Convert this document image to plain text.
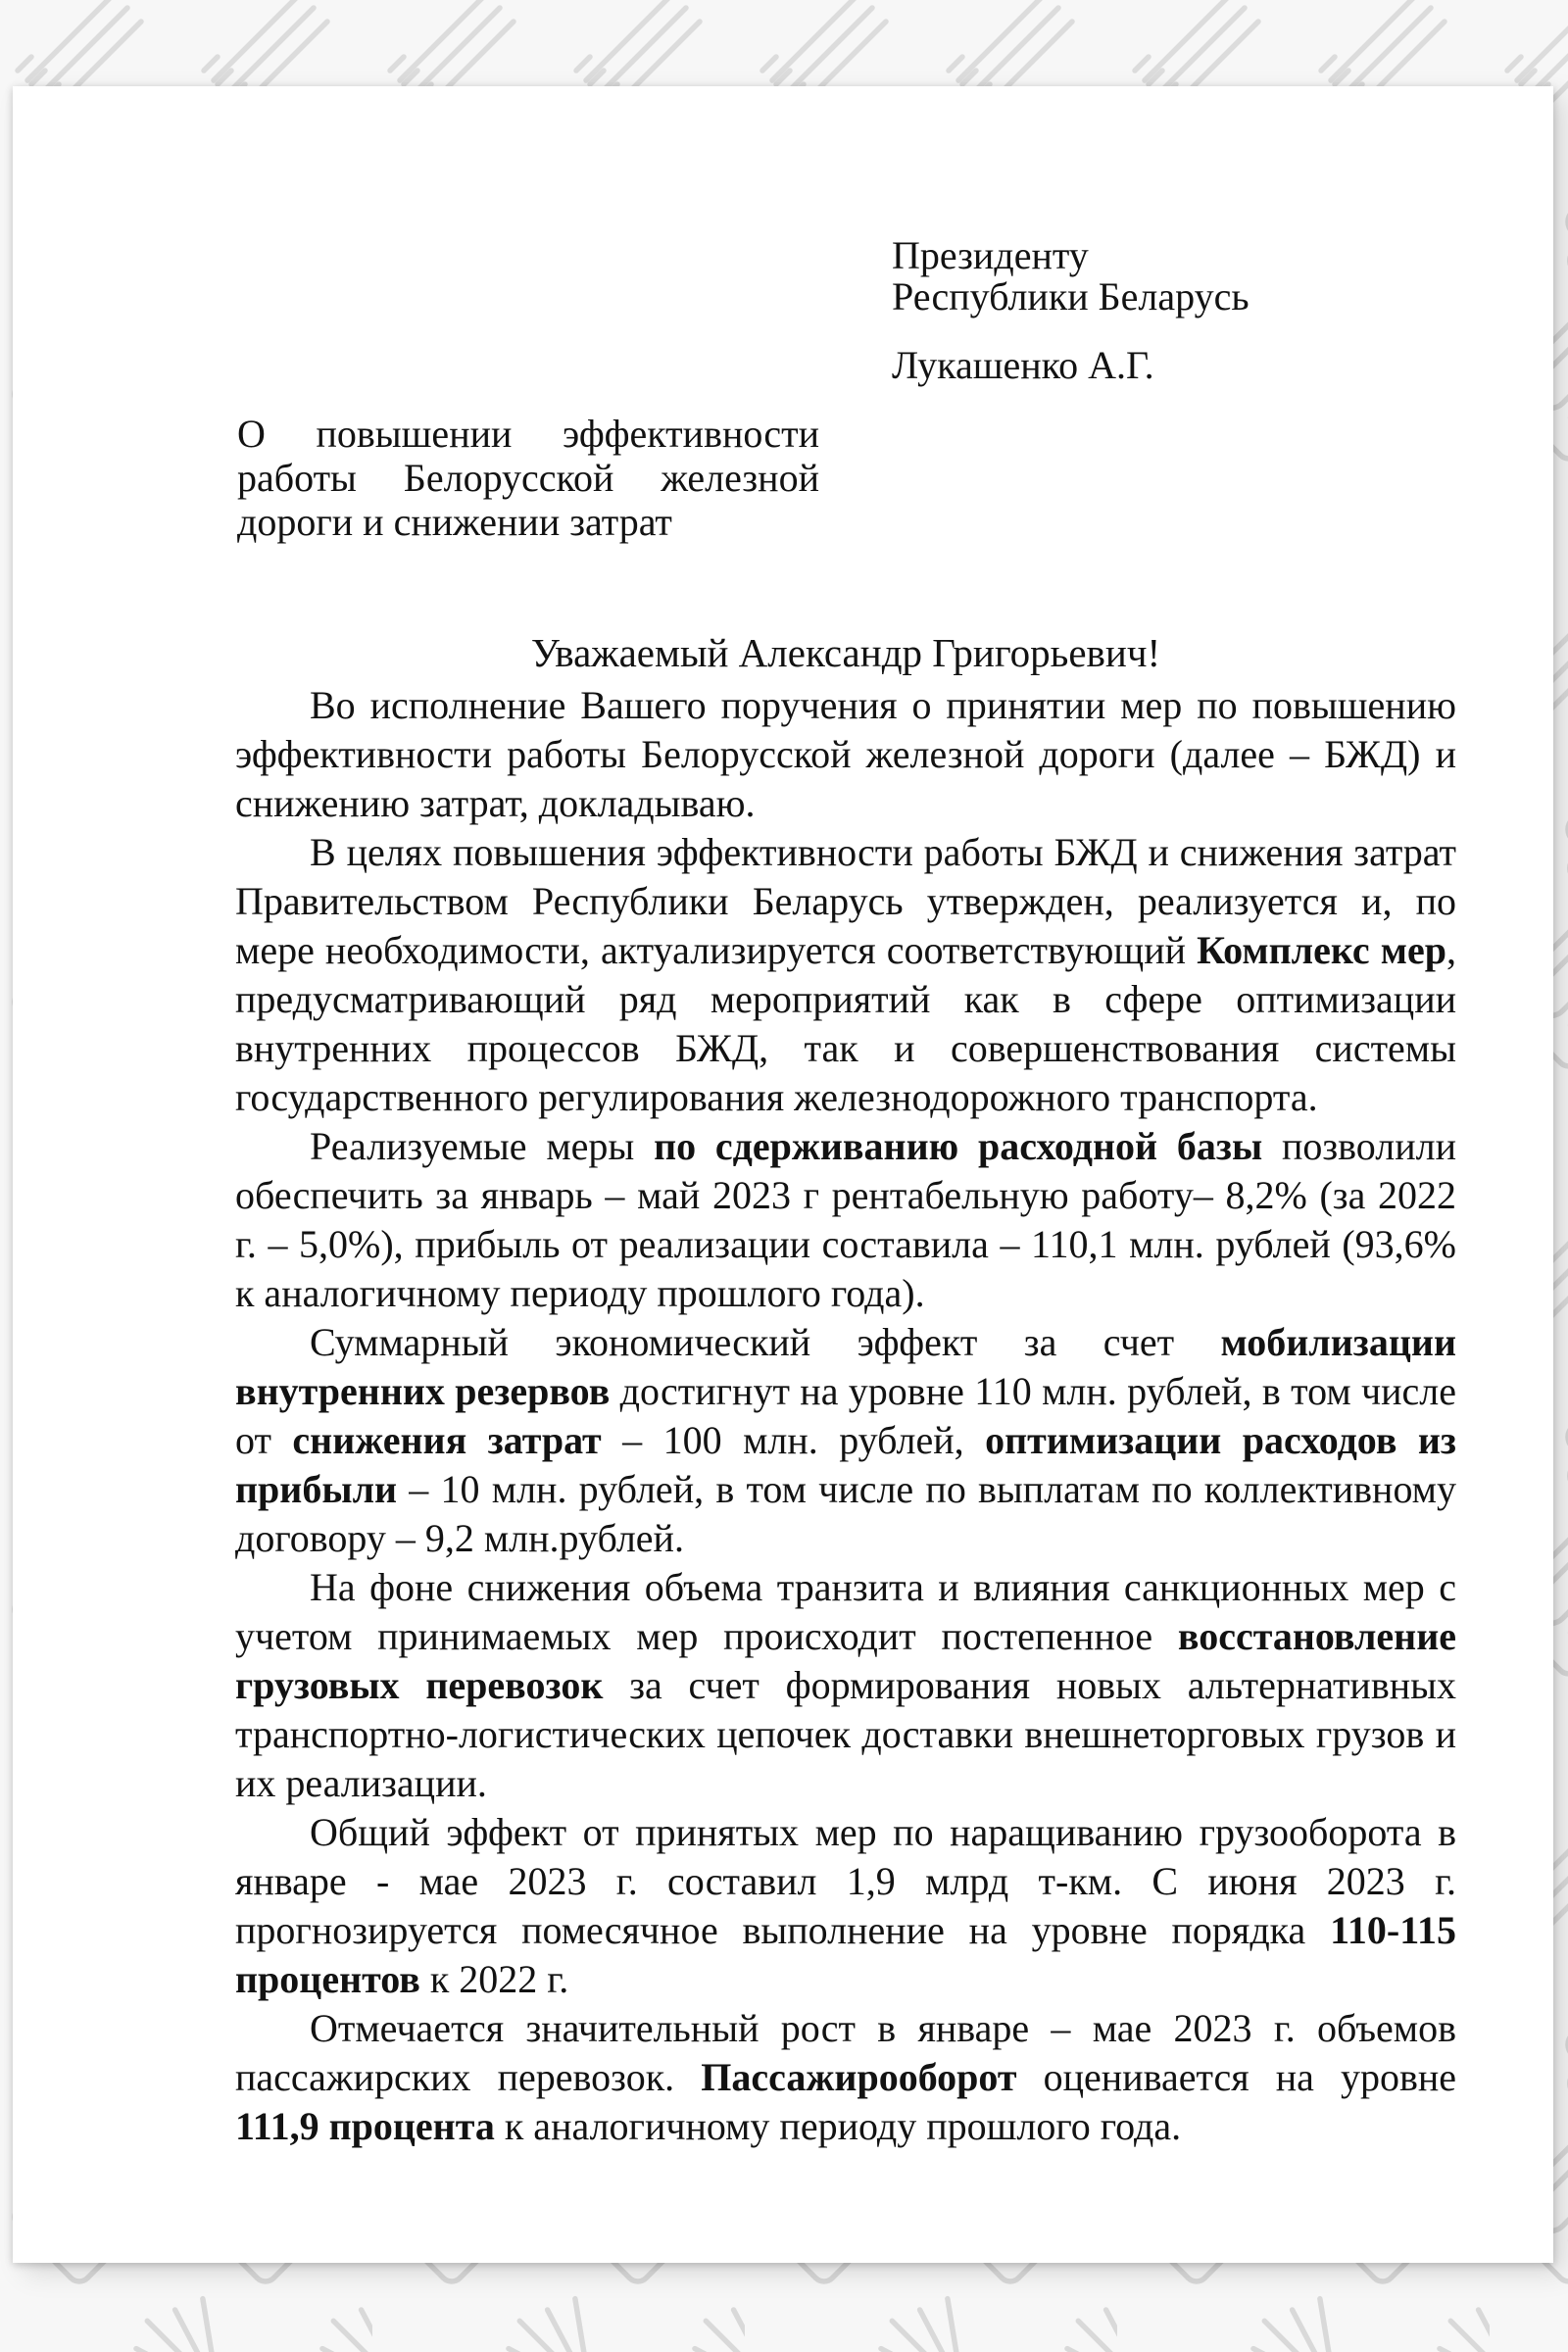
Президенту
Республики Беларусь
Лукашенко А.Г.
О повышении эффективности
работы Белорусской железной
дороги и снижении затрат
Уважаемый Александр Григорьевич!

Во исполнение Вашего поручения о принятии мер по повышению эффективности работы Белорусской железной дороги (далее – БЖД) и снижению затрат, докладываю.

В целях повышения эффективности работы БЖД и снижения затрат Правительством Республики Беларусь утвержден, реализуется и, по мере необходимости, актуализируется соответствующий Комплекс мер, предусматривающий ряд мероприятий как в сфере оптимизации внутренних процессов БЖД, так и совершенствования системы государственного регулирования железнодорожного транспорта.

Реализуемые меры по сдерживанию расходной базы позволили обеспечить за январь – май 2023 г рентабельную работу– 8,2% (за 2022 г. – 5,0%), прибыль от реализации составила – 110,1 млн. рублей (93,6% к аналогичному периоду прошлого года).

Суммарный экономический эффект за счет мобилизации внутренних резервов достигнут на уровне 110 млн. рублей, в том числе от снижения затрат – 100 млн. рублей, оптимизации расходов из прибыли – 10 млн. рублей, в том числе по выплатам по коллективному договору – 9,2 млн.рублей.

На фоне снижения объема транзита и влияния санкционных мер с учетом принимаемых мер происходит постепенное восстановление грузовых перевозок за счет формирования новых альтернативных транспортно-логистических цепочек доставки внешнеторговых грузов и их реализации.

Общий эффект от принятых мер по наращиванию грузооборота в январе - мае 2023 г. составил 1,9 млрд т-км. С июня 2023 г. прогнозируется помесячное выполнение на уровне порядка 110-115 процентов к 2022 г.

Отмечается значительный рост в январе – мае 2023 г. объемов пассажирских перевозок. Пассажирооборот оценивается на уровне 111,9 процента к аналогичному периоду прошлого года.
